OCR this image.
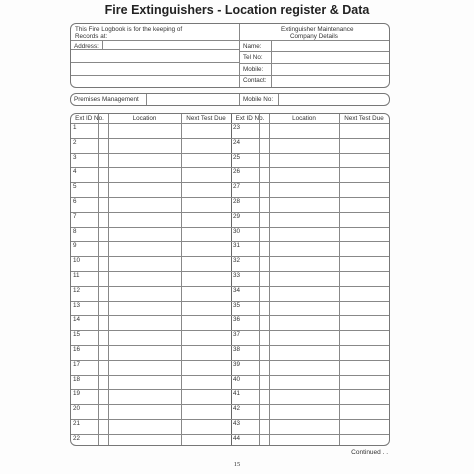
Fire Extinguishers - Location register & Data
This Fire Logbook is for the keeping of
Records at:
Extinguisher Maintenance
Company Details
Address:	Name:
Tel No:
Mobile:
Contact:
Premises Management	Mobile No:
Ext ID No.	Location	Next Test Due	Ext ID No.	Location	Next Test Due
1	23
2	24
3	25
4	26
5	27
6	28
7	29
8	30
9	31
10	32
11	33
12	34
13	35
14	36
15	37
16	38
17	39
18	40
19	41
20	42
21	43
22	44
Continued . .
15
